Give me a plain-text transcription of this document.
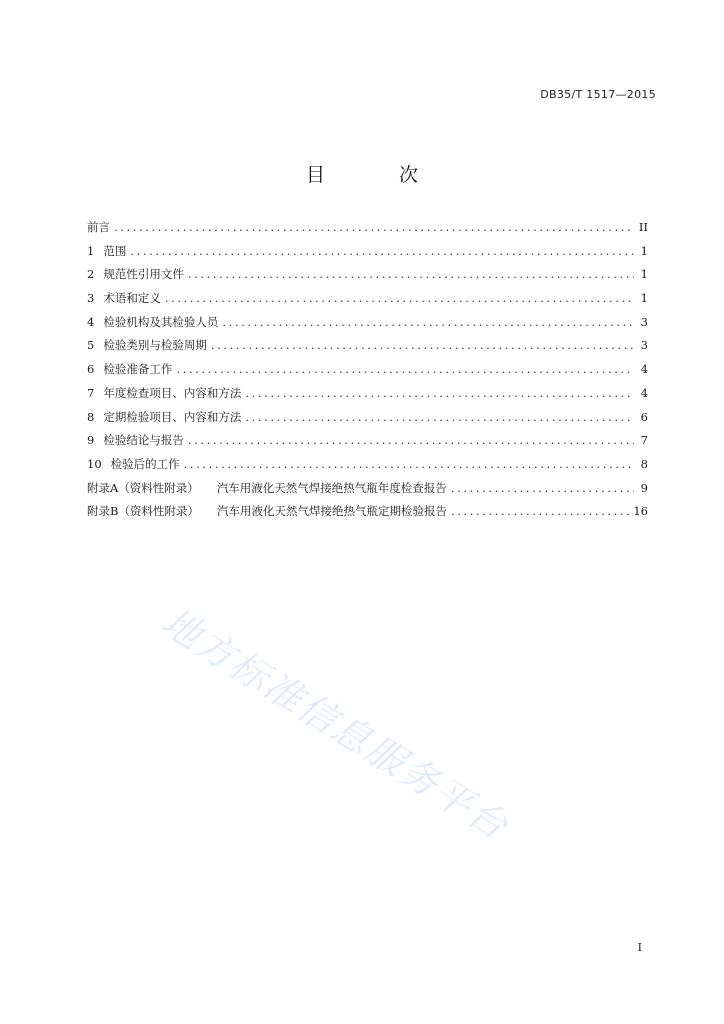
DB35/T 1517—2015
目 次
前言 .....	II
1 范围 .....	1
2 规范性引用文件 .....	1
3 术语和定义 .....	1
4 检验机构及其检验人员 .....	3
5 检验类别与检验周期 .....	3
6 检验准备工作 .....	4
7 年度检查项目、内容和方法 .....	4
8 定期检验项目、内容和方法 .....	6
9 检验结论与报告 .....	7
10 检验后的工作 .....	8
附录A（资料性附录） 汽车用液化天然气焊接绝热气瓶年度检查报告 .....	9
附录B（资料性附录） 汽车用液化天然气焊接绝热气瓶定期检验报告 .....	16
地方标准信息服务平台
I
